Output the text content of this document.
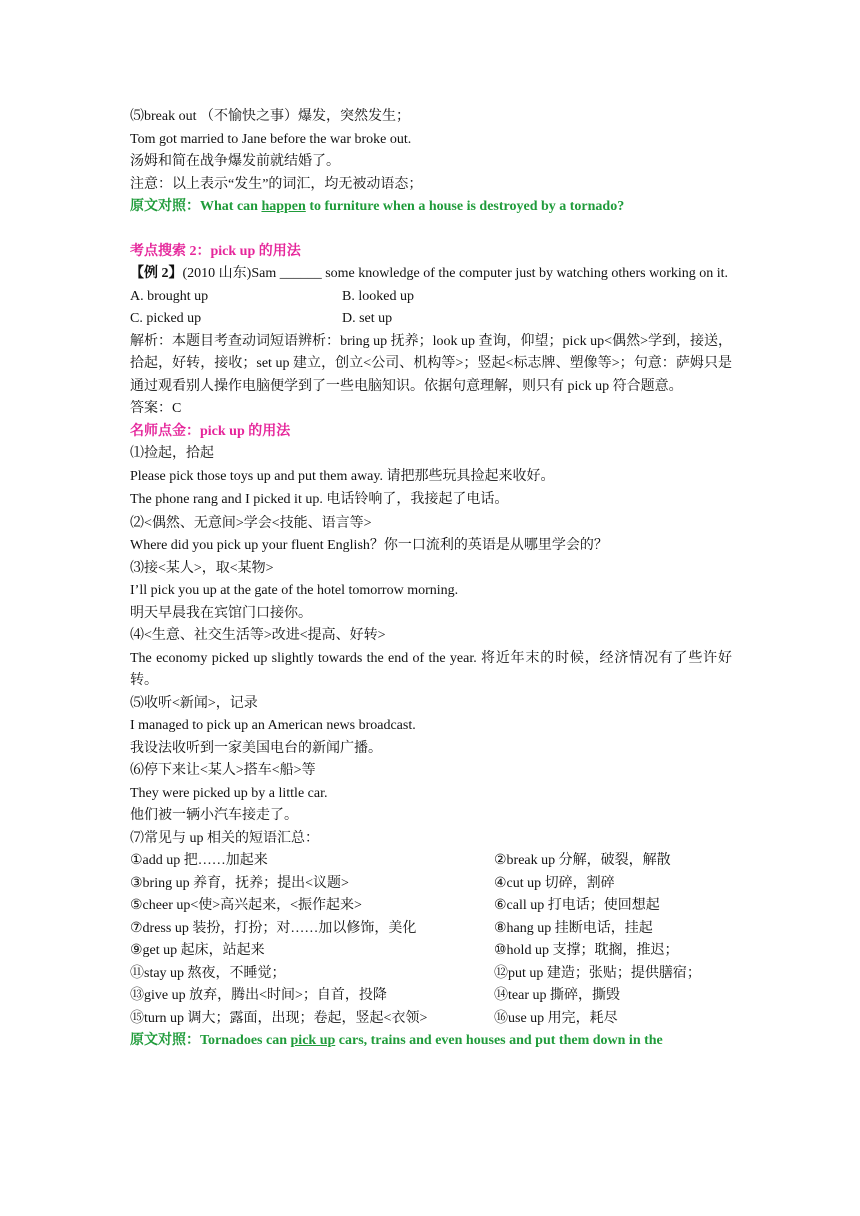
⑸break out （不愉快之事）爆发，突然发生；
Tom got married to Jane before the war broke out.
汤姆和简在战争爆发前就结婚了。
注意：以上表示“发生”的词汇，均无被动语态；
原文对照：What can happen to furniture when a house is destroyed by a tornado?
考点搜索 2：pick up 的用法
【例 2】(2010 山东)Sam ______ some knowledge of the computer just by watching others working on it.
A. brought up	B. looked up
C. picked up	D. set up
解析：本题目考查动词短语辨析：bring up 抚养；look up 查询，仰望；pick up<偶然>学到，接送，拾起，好转，接收；set up 建立，创立<公司、机构等>；竖起<标志牌、塑像等>；句意：萨姆只是通过观看别人操作电脑便学到了一些电脑知识。依据句意理解，则只有 pick up 符合题意。
答案：C
名师点金：pick up 的用法
⑴捡起，拾起
Please pick those toys up and put them away. 请把那些玩具捡起来收好。
The phone rang and I picked it up. 电话铃响了，我接起了电话。
⑵<偶然、无意间>学会<技能、语言等>
Where did you pick up your fluent English？你一口流利的英语是从哪里学会的？
⑶接<某人>，取<某物>
I’ll pick you up at the gate of the hotel tomorrow morning.
明天早晨我在宾馆门口接你。
⑷<生意、社交生活等>改进<提高、好转>
The economy picked up slightly towards the end of the year. 将近年末的时候，经济情况有了些许好转。
⑸收听<新闻>，记录
I managed to pick up an American news broadcast.
我设法收听到一家美国电台的新闻广播。
⑹停下来让<某人>搭车<船>等
They were picked up by a little car.
他们被一辆小汽车接走了。
⑺常见与 up 相关的短语汇总：
①add up 把……加起来
③bring up 养育，抚养；提出<议题>
⑤cheer up<使>高兴起来，<振作起来>
⑦dress up 装扮，打扮；对……加以修饰，美化
⑨get up 起床，站起来
⑪stay up 熬夜，不睡觉；
⑬give up 放弃，腾出<时间>；自首，投降
⑮turn up 调大；露面，出现；卷起，竖起<衣领>
②break up 分解，破裂，解散
④cut up 切碎，割碎
⑥call up 打电话；使回想起
⑧hang up 挂断电话，挂起
⑩hold up 支撑；耽搁，推迟；
⑫put up 建造；张贴；提供膳宿；
⑭tear up 撕碎，撕毁
⑯use up 用完，耗尽
原文对照：Tornadoes can pick up cars, trains and even houses and put them down in the
